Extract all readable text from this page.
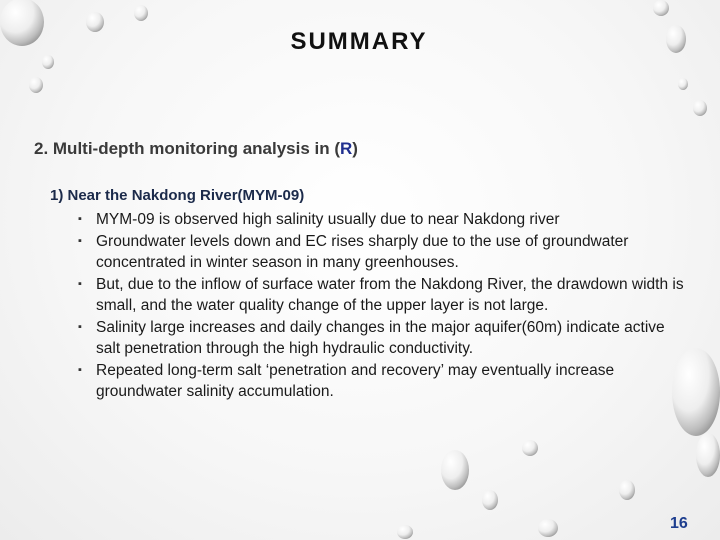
SUMMARY
2. Multi-depth monitoring analysis in (R)
1) Near the Nakdong River(MYM-09)
▪ MYM-09 is observed high salinity usually due to near Nakdong river
▪ Groundwater levels down and EC rises sharply due to the use of groundwater concentrated in winter season in many greenhouses.
▪ But, due to the inflow of surface water from the Nakdong River, the drawdown width is small, and the water quality change of the upper layer is not large.
▪ Salinity large increases and daily changes in the major aquifer(60m) indicate active salt penetration through the high hydraulic conductivity.
▪ Repeated long-term salt ‘penetration and recovery’ may eventually increase groundwater salinity accumulation.
16
